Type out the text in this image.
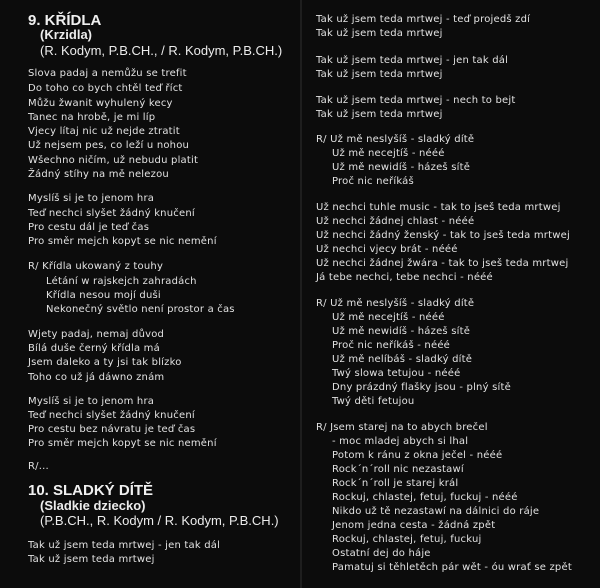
9. KŘÍDLA
(Krzidla)
(R. Kodym, P.B.CH., / R. Kodym, P.B.CH.)
Slova padaj a nemůžu se trefit
Do toho co bych chtěl teď říct
Můžu žwanit wyhulený kecy
Tanec na hrobě, je mi líp
Vjecy lítaj nic už nejde ztratit
Už nejsem pes, co leží u nohou
Wšechno ničím, už nebudu platit
Žádný stíhy na mě nelezou
Myslíš si je to jenom hra
Teď nechci slyšet žádný knučení
Pro cestu dál je teď čas
Pro směr mejch kopyt se nic nemění
R/ Křídla ukowaný z touhy
Létání w rajskejch zahradách
Křídla nesou mojí duši
Nekonečný světlo není prostor a čas
Wjety padaj, nemaj důvod
Bílá duše černý křídla má
Jsem daleko a ty jsi tak blízko
Toho co už já dáwno znám
Myslíš si je to jenom hra
Teď nechci slyšet žádný knučení
Pro cestu bez návratu je teď čas
Pro směr mejch kopyt se nic nemění
R/...
10. SLADKÝ DÍTĚ
(Sladkie dziecko)
(P.B.CH., R. Kodym / R. Kodym, P.B.CH.)
Tak už jsem teda mrtwej - jen tak dál
Tak už jsem teda mrtwej
Tak už jsem teda mrtwej - teď projedš zdí
Tak už jsem teda mrtwej
Tak už jsem teda mrtwej - jen tak dál
Tak už jsem teda mrtwej
Tak už jsem teda mrtwej - nech to bejt
Tak už jsem teda mrtwej
R/ Už mě neslyšíš - sladký dítě
Už mě necejtíš - nééé
Už mě newidíš - házeš sítě
Proč nic neříkáš
Už nechci tuhle music - tak to jseš teda mrtwej
Už nechci žádnej chlast - nééé
Už nechci žádný ženský - tak to jseš teda mrtwej
Už nechci vjecy brát - nééé
Už nechci žádnej žwára - tak to jseš teda mrtwej
Já tebe nechci, tebe nechci - nééé
R/ Už mě neslyšíš - sladký dítě
Už mě necejtíš - nééé
Už mě newidíš - házeš sítě
Proč nic neříkáš - nééé
Už mě nelíbáš - sladký dítě
Twý slowa tetujou - nééé
Dny prázdný flašky jsou - plný sítě
Twý děti fetujou
R/ Jsem starej na to abych brečel
- moc mladej abych si lhal
Potom k ránu z okna ječel - nééé
Rock´n´roll nic nezastawí
Rock´n´roll je starej král
Rockuj, chlastej, fetuj, fuckuj - nééé
Nikdo už tě nezastawí na dálnici do ráje
Jenom jedna cesta - žádná zpět
Rockuj, chlastej, fetuj, fuckuj
Ostatní dej do háje
Pamatuj si těhletěch pár wět - óu wrať se zpět
